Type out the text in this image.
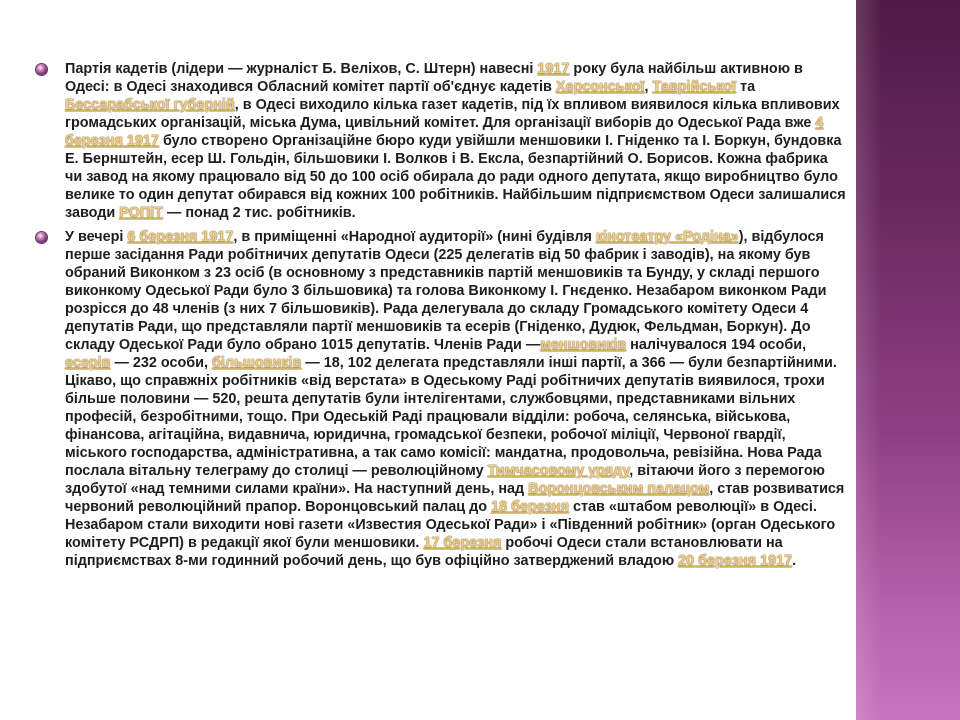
Партія кадетів (лідери — журналіст Б. Веліхов, С. Штерн) навесні 1917 року була найбільш активною в Одесі: в Одесі знаходився Обласний комітет партії об'єднує кадетів Херсонської, Таврійської та Бессарабської губерній, в Одесі виходило кілька газет кадетів, під їх впливом виявилося кілька впливових громадських організацій, міська Дума, цивільний комітет. Для організації виборів до Одеської Рада вже 4 березня 1917 було створено Організаційне бюро куди увійшли меншовики І. Гніденко та І. Боркун, бундовка Е. Бернштейн, есер Ш. Гольдін, більшовики І. Волков і В. Ексла, безпартійний О. Борисов. Кожна фабрика чи завод на якому працювало від 50 до 100 осіб обирала до ради одного депутата, якщо виробництво було велике то один депутат обирався від кожних 100 робітників. Найбільшим підприємством Одеси залишалися заводи РОПіТ — понад 2 тис. робітників.
У вечері 6 березня 1917, в приміщенні «Народної аудиторії» (нині будівля кінотеатру «Родіна»), відбулося перше засідання Ради робітничих депутатів Одеси (225 делегатів від 50 фабрик і заводів), на якому був обраний Виконком з 23 осіб (в основному з представників партій меншовиків та Бунду, у складі першого виконкому Одеської Ради було 3 більшовика) та голова Виконкому І. Гнєденко. Незабаром виконком Ради розрісся до 48 членів (з них 7 більшовиків). Рада делегувала до складу Громадського комітету Одеси 4 депутатів Ради, що представляли партії меншовиків та есерів (Гніденко, Дудюк, Фельдман, Боркун). До складу Одеської Ради було обрано 1015 депутатів. Членів Ради —меншовиків налічувалося 194 особи, есерів — 232 особи, більшовиків — 18, 102 делегата представляли інші партії, а 366 — були безпартійними. Цікаво, що справжніх робітників «від верстата» в Одеському Раді робітничих депутатів виявилося, трохи більше половини — 520, решта депутатів були інтелігентами, службовцями, представниками вільних професій, безробітними, тощо. При Одеській Раді працювали відділи: робоча, селянська, військова, фінансова, агітаційна, видавнича, юридична, громадської безпеки, робочої міліції, Червоної гвардії, міського господарства, адміністративна, а так само комісії: мандатна, продовольча, ревізійна. Нова Рада послала вітальну телеграму до столиці — революційному Тимчасовому уряду, вітаючи його з перемогою здобутої «над темними силами країни». На наступний день, над Воронцовським палацом, став розвиватися червоний революційний прапор. Воронцовський палац до 18 березня став «штабом революції» в Одесі. Незабаром стали виходити нові газети «Известия Одеської Ради» і «Південний робітник» (орган Одеського комітету РСДРП) в редакції якої були меншовики. 17 березня робочі Одеси стали встановлювати на підприємствах 8-ми годинний робочий день, що був офіційно затверджений владою 20 березня 1917.
